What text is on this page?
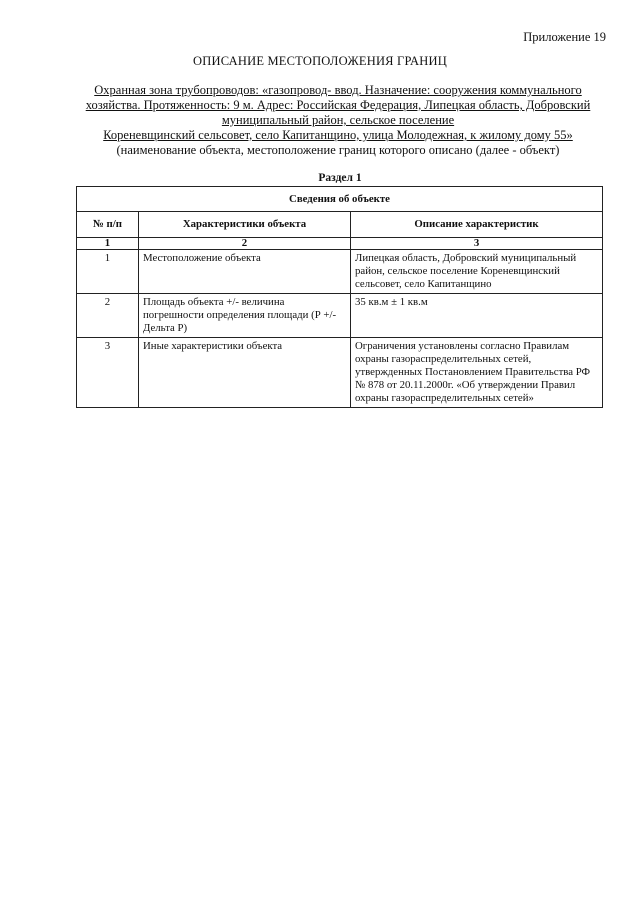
Приложение 19
ОПИСАНИЕ МЕСТОПОЛОЖЕНИЯ ГРАНИЦ
Охранная зона трубопроводов: «газопровод- ввод. Назначение: сооружения коммунального
хозяйства. Протяженность: 9 м. Адрес: Российская Федерация, Липецкая область, Добровский
муниципальный район, сельское поселение
Кореневщинский сельсовет, село Капитанщино, улица Молодежная, к жилому дому 55»
(наименование объекта, местоположение границ которого описано (далее - объект)
Раздел 1
Сведения об объекте		
№ п/п	Характеристики объекта	Описание характеристик
1	2	3
1	Местоположение объекта	Липецкая область, Добровский муниципальный район, сельское поселение Кореневщинский сельсовет, село Капитанщино
2	Площадь объекта +/- величина погрешности определения площади (Р +/- Дельта Р)	35 кв.м ± 1 кв.м
3	Иные характеристики объекта	Ограничения установлены согласно Правилам охраны газораспределительных сетей, утвержденных Постановлением Правительства РФ № 878 от 20.11.2000г. «Об утверждении Правил охраны газораспределительных сетей»
